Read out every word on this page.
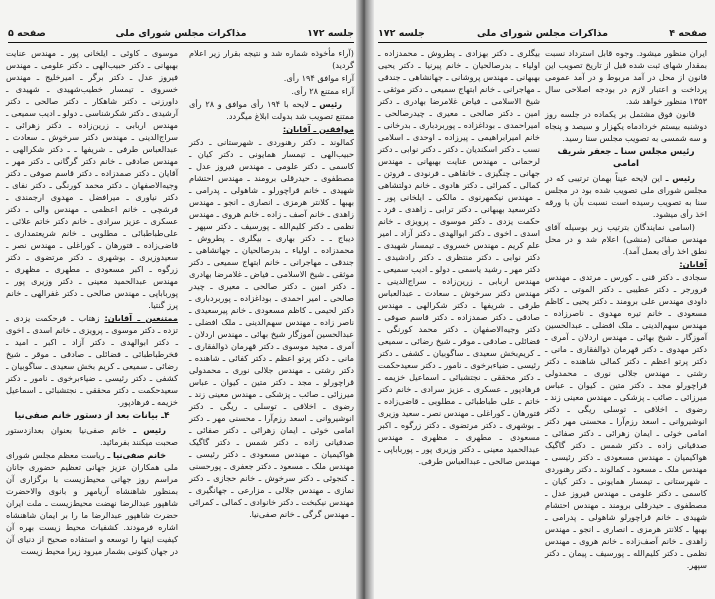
جلسه ۱۷۲
مذاکرات مجلس شورای ملی
صفحه ۵

(آراء مأخوذه شماره شد و نتیجه بقرار زیر اعلام گردید)

آراء موافق ۱۹۴ رأی.

آراء ممتنع ۲۸ رأی.

رئیس ـ لایحه با ۱۹۴ رأی موافق و ۲۸ رأی ممتنع تصویب شد بدولت ابلاغ میگردد.

موافقین ـ آقایان:

کمالوند ـ دکتر رهنوردی ـ شهرستانی ـ دکتر حبیب‌الهی ـ تیمسار همایونی ـ دکتر کیان ـ کاسمی ـ دکتر علومی ـ مهندس فیروز عدل ـ مصطفوی ـ حیدرقلی برومند ـ مهندس احتشام شهیدی ـ خانم قراچورلو ـ شاهولی ـ پدرامی ـ بهبها ـ کلانتر هرمزی ـ انصاری ـ انجو ـ مهندس زاهدی ـ خانم آصف ـ زاده ـ خانم هروی ـ مهندس نظمی ـ دکتر کلیم‌الله ـ پورسیف ـ دکتر سپهر ـ دیباج ـ ـ دکتر بهاری ـ بیگلری ـ پطروش ـ محمدزاده ـ اولیاء ـ بدرصالحیان ـ جهانشاهی ـ جندقی ـ مهاجرانی ـ خانم ابتهاج سمیعی ـ دکتر موثقی ـ شیخ الاسلامی ـ فیاض ـ غلامرضا بهادری ـ دکتر امین ـ دکتر صالحی ـ معیری ـ چیدر صالحی ـ امیر احمدی ـ بوداغزاده ـ پوربردباری ـ دکتر لحیمی ـ کاظم مسعودی ـ خانم پیرسعیدی ـ ناصر زاده ـ مهندس سهم‌الدینی ـ ملک افضلی ـ عبدالحسین آموزگار شیخ بهائی ـ مهندس اردلان ـ آمری ـ مجید موسوی ـ دکتر قهرمان ذوالفقاری ـ مانی ـ دکتر پرتو اعظم ـ دکتر کفائی ـ شاهنده ـ دکتر رشتی ـ مهندس جلالی نوری ـ محمدولی قراچورلو ـ مجد ـ دکتر متین ـ کیوان ـ عباس میرزائی ـ صائب ـ پزشکی ـ مهندس معینی زند ـ رضوی ـ اخلاقی ـ توسلی ـ ریگی ـ دکتر انوشیروانی ـ اسعد رزم‌آرا ـ محسنی مهر ـ دکتر امامی خوئی ـ ایمان زهرائی ـ دکتر صفائی ـ صدقیانی زاده ـ دکتر شمس ـ دکتر گاگیک هواکیمیان ـ مهندس مسعودی ـ دکتر رئیسی ـ مهندس ملک ـ مسعود ـ دکتر جعفری ـ پورحسنی ـ کنجوئی ـ دکتر سرخوش ـ خانم حجازی ـ دکتر نمازی ـ مهندس جلالی ـ مزارعی ـ جهانگیری ـ مهندس نیکبخت ـ دکتر خانوادی ـ کمالی ـ کمرائی ـ مهندس گرگی ـ خانم صفی‌نیا.

موسوی ـ کاوئی ـ ایلخانی پور ـ مهندس عنایت بهبهانی ـ دکتر حبیب‌الهی ـ دکتر علومی ـ مهندس فیروز عدل ـ دکتر برگر ـ امیرخلیج ـ مهندس خسروی ـ تیمسار خطیب‌شهیدی ـ شهیدی ـ داورزنی ـ دکتر شاهکار ـ دکتر صالحی ـ دکتر آرشیدی ـ دکتر شکرشناسی ـ دولو ـ ادیب سمیعی ـ مهندس اربابی ـ زرین‌زاده ـ دکتر زهرائی ـ سراج‌الدینی ـ مهندس دکتر سرخوش ـ سعادت ـ عبدالعباس طرفی ـ شریفها ـ ـ دکتر شکرالهی ـ مهندس صادقی ـ خانم دکتر گرگانی ـ دکتر مهر ـ آقایان ـ دکتر صمدزاده ـ دکتر قاسم صوفی ـ دکتر وجیه‌الاصفهان ـ دکتر محمد کورنگی ـ دکتر نفای ـ دکتر نیاوری ـ میرافضل ـ مهدوی ارجمندی ـ فرشچی ـ خانم اعظمی ـ مهندس والی ـ دکتر عسکری ـ عزیز سرادی ـ خانم دکتر خاتم علائی ـ علی‌طباطبائی ـ مطلوبی ـ خانم شریعتمداری ـ قاضی‌زاده ـ فتورهان ـ کوراغلی ـ مهندس نصر ـ سعیدوزیری ـ بوشهری ـ دکتر مرتضوی ـ دکتر زرگوه ـ اکبر مسعودی ـ مطهری ـ مظهری ـ مهندس عبدالحمید معینی ـ دکتر وزیری پور ـ پورباباپی ـ مهندس صالحی ـ دکتر غفرالهی ـ خانم پرز گنتیا.

ممتنعین ـ آقایان: زهتاب ـ فرحکمت یزدی ـ تزده ـ دکتر موسوی ـ پرویزی ـ خانم اسدی ـ اخوی ـ دکتر ابوالهدی ـ دکتر آزاد ـ اکبر ـ امید ـ فخرطباطبائی ـ فضائلی ـ صادقی ـ موقر ـ شیخ رضائی ـ سمیعی ـ کریم بخش سعیدی ـ ساگوبیان ـ کشفی ـ دکتر رئیسی ـ ضیاءبرخوی ـ نامور ـ دکتر سعیدحکمت ـ دکتر محققی ـ نجتشبائی ـ اسماعیل خزیمه ـ فرهادپور.

۴ـ بیانات بعد از دستور خانم صفی‌نیا

رئیس ـ خانم صفی‌نیا بعنوان بعدازدستور صحبت میکنند بفرمائید.

خانم صفی‌نیا ـ ریاست معظم مجلس شورای ملی همکاران عزیز جهانی تعظیم حضوری جانان مراسم روز جهانی محیط‌زیست با برگزاری آن بمنظور شاهنشاه آریامهر و بانوی والاحضرت شاهپور عبدالرضا نهضت محیط‌زیست ـ ملت ایران حضرت شاهپور عبدالرضا ما را بر ایمان شاهنشاه اشاره فرمودند. کشفیات محیط زیست بهره آن کیفیت اینها را توسعه و استفاده صحیح از دنیای آن در جهان کنونی بشمار میرود زیرا محیط زیست

صفحه ۴
مذاکرات مجلس شورای ملی
جلسه ۱۷۲

ایران منظور میشود. وجوه قابل استرداد نسبت بمقدار شهای ثبت شده قبل از تاریخ تصویب این قانون از محل در آمد مربوط و در آمد عمومی پرداخت و اعتبار لازم در بودجه اصلاحی سال ۱۳۵۳ منظور خواهد شد.

قانون فوق مشتمل بر یکماده در جلسه روز دوشنبه بیستم خردادماه یکهزار و سیصد و پنجاه و سه شمسی به تصویب مجلس سنا رسید.

رئیس مجلس سنا ـ جعفر شریف امامی

رئیس ـ این لایحه عیناً بهمان ترتیبی که در مجلس شورای ملی تصویب شده بود در مجلس سنا به تصویب رسیده است نسبت بآن با ورقه اخذ رأی میشود.

(اسامی نمایندگان بترتیب زیر بوسیله آقای مهندس صفائی (منشی) اعلام شد و در محل نطق اخذ رأی بعمل آمد).

آقایان:

سجادی ـ دکتر قنی ـ کورس ـ مرتدی ـ مهندس فرورجر ـ دکتر عطیبی ـ دکتر الموتی ـ دکتر داودی مهندس علی برومند ـ دکتر یحیی ـ کاظم مسعودی ـ خانم تیره مهدوی ـ ناصرزاده ـ مهندس سهم‌الدینی ـ ملک افضلی ـ عبدالحسین آموزگار ـ شیخ بهائی ـ مهندس اردلان ـ آمری ـ دکتر مهدوی ـ دکتر قهرمان ذوالفقاری ـ مانی ـ دکتر پرتو اعظم ـ دکتر کمالی شاهنده ـ دکتر رشتی ـ مهندس جلالی نوری ـ محمدولی قراچورلو مجد ـ دکتر متین ـ کیوان ـ عباس میرزائی ـ صائب ـ پزشکی ـ مهندس معینی زند ـ رضوی ـ اخلاقی ـ توسلی ریگی ـ دکتر انوشیروانی ـ اسعد رزم‌آرا ـ محسنی مهر دکتر امامی خوئی ـ ایمان زهرائی ـ دکتر صفائی ـ صدقیانی زاده ـ دکتر شمس ـ دکتر گاگیک هواکیمیان ـ مهندس مسعودی ـ دکتر رئیسی ـ مهندس ملک ـ مسعود ـ کمالوند ـ دکتر رهنوردی ـ شهرستانی ـ تیمسار همایونی ـ دکتر کیان ـ کاسمی ـ دکتر علومی ـ مهندس فیروز عدل ـ مصطفوی ـ حیدرقلی برومند ـ مهندس احتشام شهیدی ـ خانم قراچورلو شاهولی ـ پدرامی ـ بهبها ـ کلانتر هرمزی ـ انصاری ـ انجو ـ مهندس زاهدی ـ خانم آصف‌زاده ـ خانم هروی ـ مهندس نظمی ـ دکتر کلیم‌الله ـ پورسیف ـ پیمان ـ دکتر سپهر.

بیگلری ـ دکتر بهزادی ـ پطروش ـ محمدزاده ـ اولیاء ـ بدرصالحیان ـ خانم پیرنیا ـ دکتر یحیی بهبهانی ـ مهندس پروشانی ـ جهانشاهی ـ جندقی ـ مهاجرانی ـ خانم ابتهاج سمیعی ـ دکتر موثقی ـ شیخ الاسلامی ـ فیاض غلامرضا بهادری ـ دکتر امین ـ دکتر صالحی ـ معیری ـ چیدرصالحی ـ امیراحمدی ـ بوداغزاده ـ پوربردباری ـ بدرخانی ـ خانم امیرابراهیمی ـ پیرزاده ـ اوحدی ـ اسلامی نسب ـ دکتر اسکندیان ـ دکتر ـ دکتر نوابی ـ دکتر لرحمانی ـ مهندس عنایت بهبهانی ـ مهندس جهانی ـ چنگیزی ـ خانقاهی ـ فرنودی ـ فروتن ـ کمالی ـ کمرائی ـ دکتر هادوی ـ خانم دولتشاهی ـ مهندس نیکمهرنوی ـ مالکی ـ ایلخانی پور ـ دکترسعید بهبهانی ـ دکتر ترابی ـ زاهدی ـ فرد ـ حکمت یزدی ـ دکتر موسوی ـ پرویزی ـ خانم اسدی ـ اخوی ـ دکتر ابوالهدی ـ دکتر آزاد ـ امیر علم کریم ـ مهندس خسروی ـ تیمسار شهیدی ـ دکتر نوابی ـ دکتر منتظری ـ دکتر رادشیدی ـ دکتر مهر ـ رشید یاسمی ـ دولو ـ ادیب سمیعی ـ مهندس اربابی ـ زرین‌زاده ـ سراج‌الدینی ـ مهندس دکتر سرخوش ـ سعادت ـ عبدالعباس طرفی ـ شریفها ـ دکتر شکرالهی ـ مهندس صادقی ـ دکتر صمدزاده ـ دکتر قاسم صوفی ـ دکتر وجیه‌الاصفهان ـ دکتر محمد کورنگی ـ فضائلی ـ صادقی ـ موقر ـ شیخ رضائی ـ سمیعی ـ کریم‌بخش سعیدی ـ ساگوبیان ـ کشفی ـ دکتر رئیسی ـ ضیاءبرخوی ـ نامور ـ دکتر سعیدحکمت ـ دکتر محققی ـ نجتشبائی ـ اسماعیل خزیمه ـ فرهادپور ـ عسکری ـ عزیز سرادی ـ خانم دکتر خاتم ـ علی طباطبائی ـ مطلوبی ـ قاضی‌زاده ـ فتورهان ـ کوراغلی ـ مهندس نصر ـ سعید وزیری ـ بوشهری ـ دکتر مرتضوی ـ دکتر زرگوه ـ اکبر مسعودی ـ مطهری ـ مظهری ـ مهندس عبدالحمید معینی ـ دکتر وزیری پور ـ پورباباپی ـ مهندس صالحی ـ عبدالعباس طرفی.
